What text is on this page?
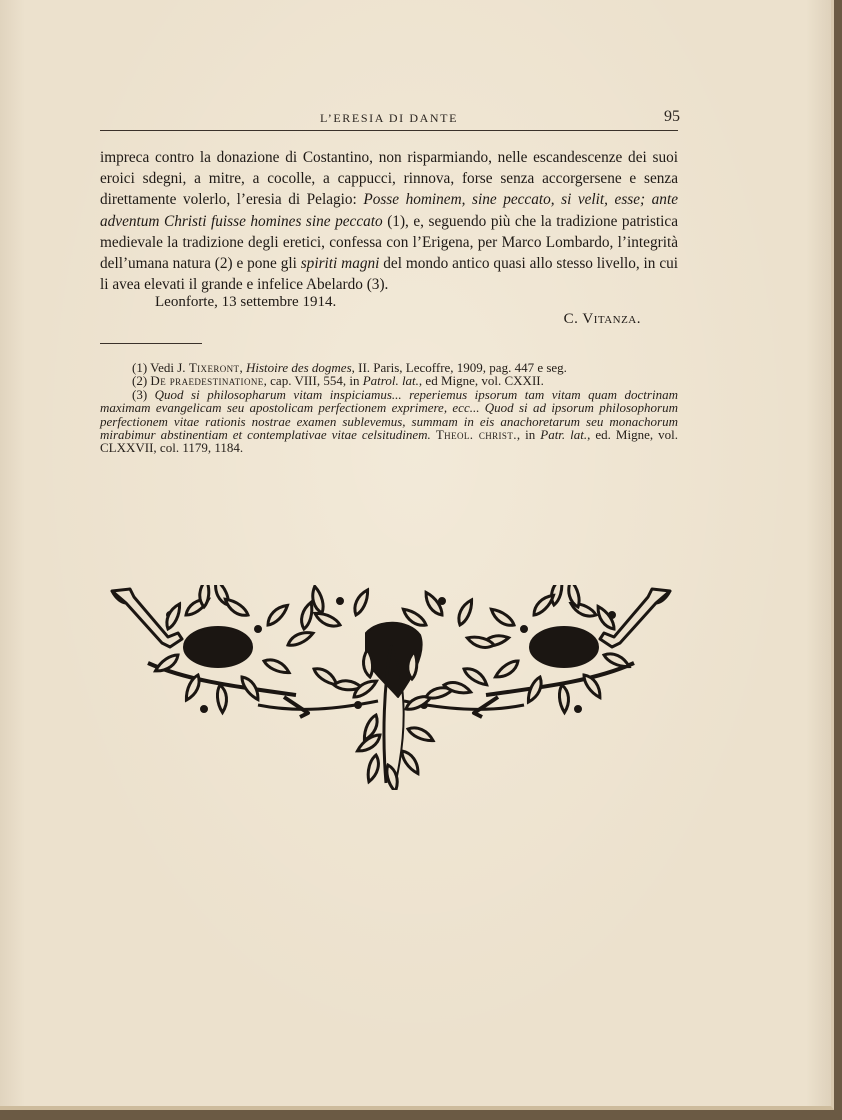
L’ERESIA DI DANTE	95

impreca contro la donazione di Costantino, non risparmiando, nelle escandescenze dei suoi eroici sdegni, a mitre, a cocolle, a cappucci, rinnova, forse senza accorgersene e senza direttamente volerlo, l’eresia di Pelagio: Posse hominem, sine peccato, si velit, esse; ante adventum Christi fuisse homines sine peccato (1), e, seguendo più che la tradizione patristica medievale la tradizione degli eretici, confessa con l’Erigena, per Marco Lombardo, l’integrità dell’umana natura (2) e pone gli spiriti magni del mondo antico quasi allo stesso livello, in cui li avea elevati il grande e infelice Abelardo (3).

Leonforte, 13 settembre 1914.
C. Vitanza.

(1) Vedi J. Tixeront, Histoire des dogmes, II. Paris, Lecoffre, 1909, pag. 447 e seg.

(2) De praedestinatione, cap. VIII, 554, in Patrol. lat., ed Migne, vol. CXXII.

(3) Quod si philosopharum vitam inspiciamus... reperiemus ipsorum tam vitam quam doctrinam maximam evangelicam seu apostolicam perfectionem exprimere, ecc... Quod si ad ipsorum philosophorum perfectionem vitae rationis nostrae examen sublevemus, summam in eis anachoretarum seu monachorum mirabimur abstinentiam et contemplativae vitae celsitudinem. Theol. christ., in Patr. lat., ed. Migne, vol. CLXXVII, col. 1179, 1184.
